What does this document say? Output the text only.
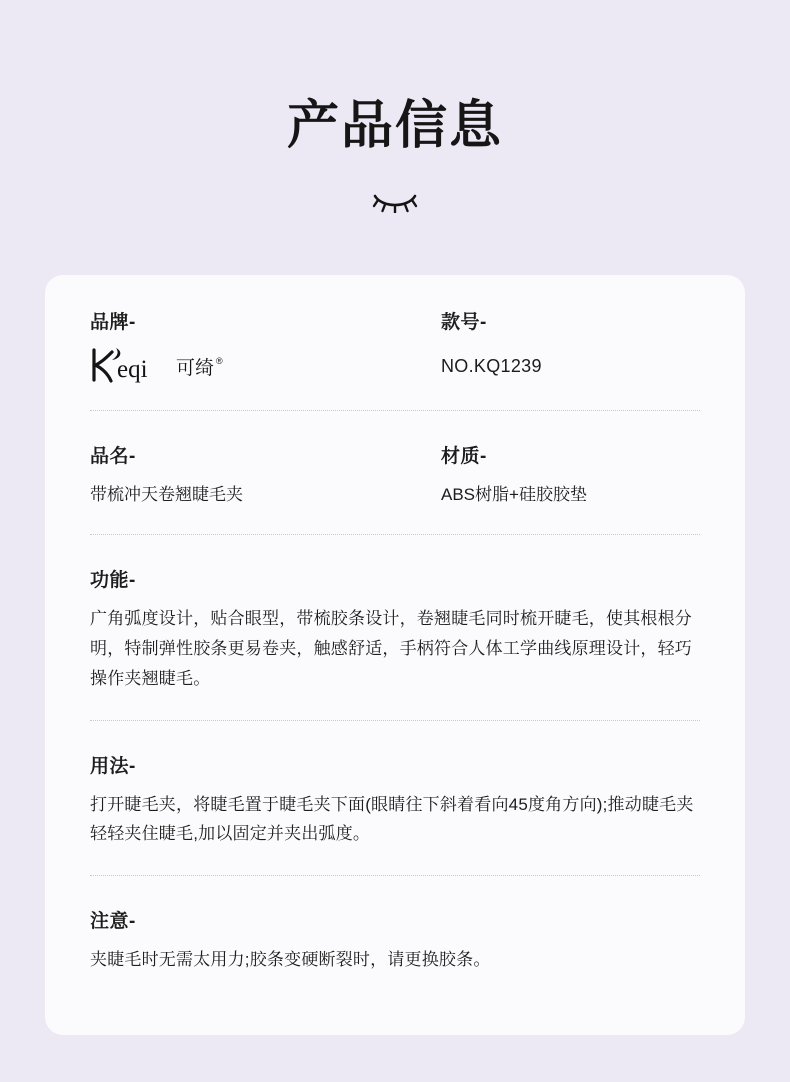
产品信息
品牌-
eqi 可绮 ®
款号-
NO.KQ1239
品名-
带梳冲天卷翘睫毛夹
材质-
ABS树脂+硅胶胶垫
功能-
广角弧度设计，贴合眼型，带梳胶条设计，卷翘睫毛同时梳开睫毛，使其根根分明，特制弹性胶条更易卷夹，触感舒适，手柄符合人体工学曲线原理设计，轻巧操作夹翘睫毛。
用法-
打开睫毛夹，将睫毛置于睫毛夹下面(眼睛往下斜着看向45度角方向);推动睫毛夹轻轻夹住睫毛,加以固定并夹出弧度。
注意-
夹睫毛时无需太用力;胶条变硬断裂时，请更换胶条。
